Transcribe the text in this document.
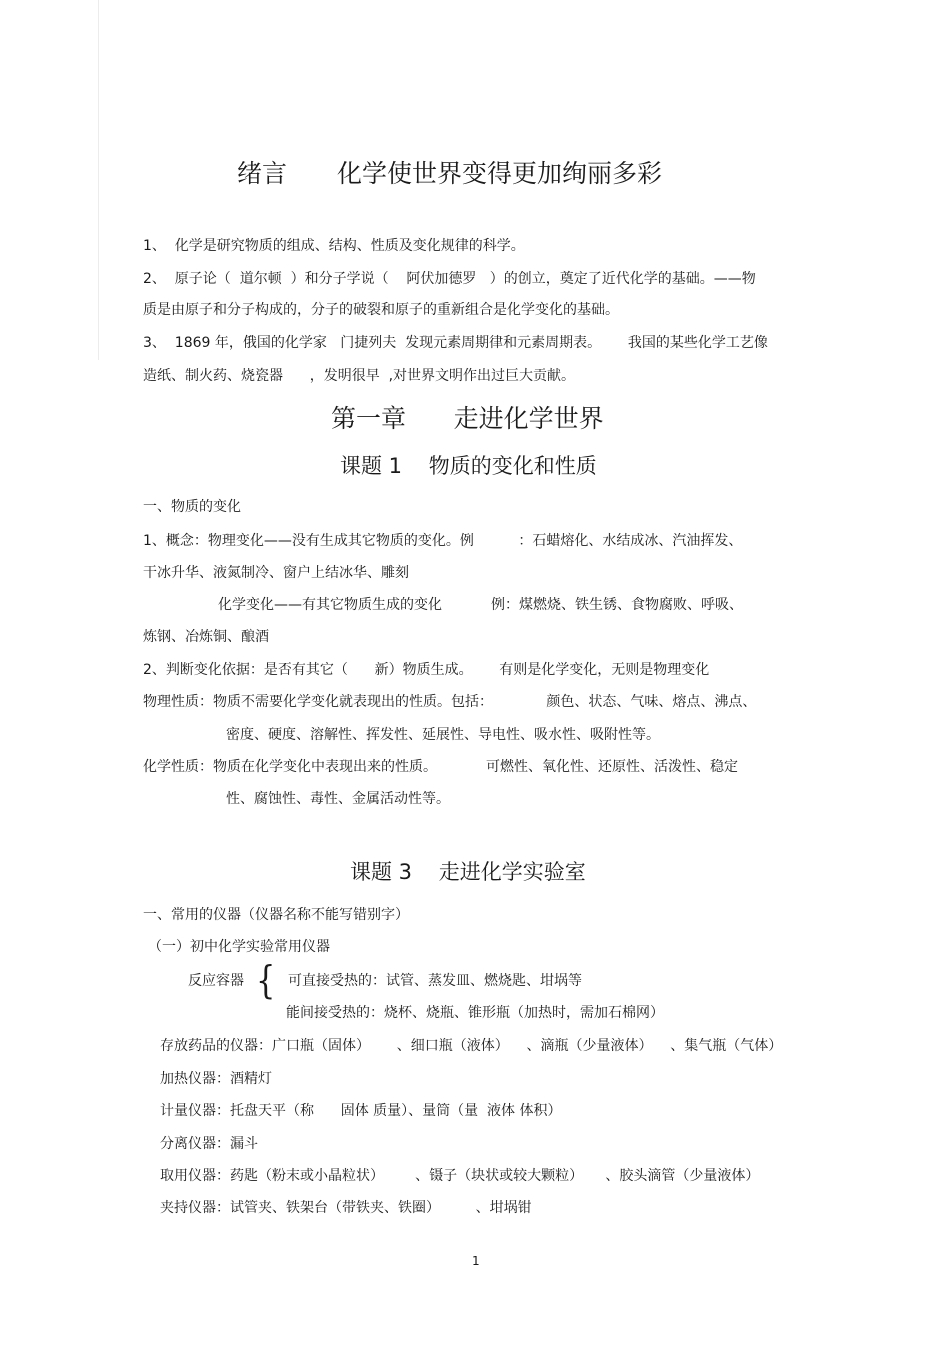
绪言　　化学使世界变得更加绚丽多彩
1、  化学是研究物质的组成、结构、性质及变化规律的科学。
2、  原子论（  道尔顿  ）和分子学说（    阿伏加德罗   ）的创立，奠定了近代化学的基础。——物
质是由原子和分子构成的，分子的破裂和原子的重新组合是化学变化的基础。
3、  1869 年，俄国的化学家   门捷列夫  发现元素周期律和元素周期表。      我国的某些化学工艺像
造纸、制火药、烧瓷器      ，发明很早  ,对世界文明作出过巨大贡献。
第一章      走进化学世界
课题 1    物质的变化和性质
一、物质的变化
1、概念：物理变化——没有生成其它物质的变化。例          ：石蜡熔化、水结成冰、汽油挥发、
干冰升华、液氮制冷、窗户上结冰华、雕刻
化学变化——有其它物质生成的变化           例：煤燃烧、铁生锈、食物腐败、呼吸、
炼钢、冶炼铜、酿酒
2、判断变化依据：是否有其它（      新）物质生成。      有则是化学变化，无则是物理变化
物理性质：物质不需要化学变化就表现出的性质。包括：            颜色、状态、气味、熔点、沸点、
密度、硬度、溶解性、挥发性、延展性、导电性、吸水性、吸附性等。
化学性质：物质在化学变化中表现出来的性质。           可燃性、氧化性、还原性、活泼性、稳定
性、腐蚀性、毒性、金属活动性等。
课题 3    走进化学实验室
一、常用的仪器（仪器名称不能写错别字）
（一）初中化学实验常用仪器
反应容器 { 可直接受热的：试管、蒸发皿、燃烧匙、坩埚等
能间接受热的：烧杯、烧瓶、锥形瓶（加热时，需加石棉网）
存放药品的仪器：广口瓶（固体）      、细口瓶（液体）    、滴瓶（少量液体）    、集气瓶（气体）
加热仪器：酒精灯
计量仪器：托盘天平（称      固体 质量）、量筒（量  液体 体积）
分离仪器：漏斗
取用仪器：药匙（粉末或小晶粒状）       、镊子（块状或较大颗粒）     、胶头滴管（少量液体）
夹持仪器：试管夹、铁架台（带铁夹、铁圈）        、坩埚钳
1
